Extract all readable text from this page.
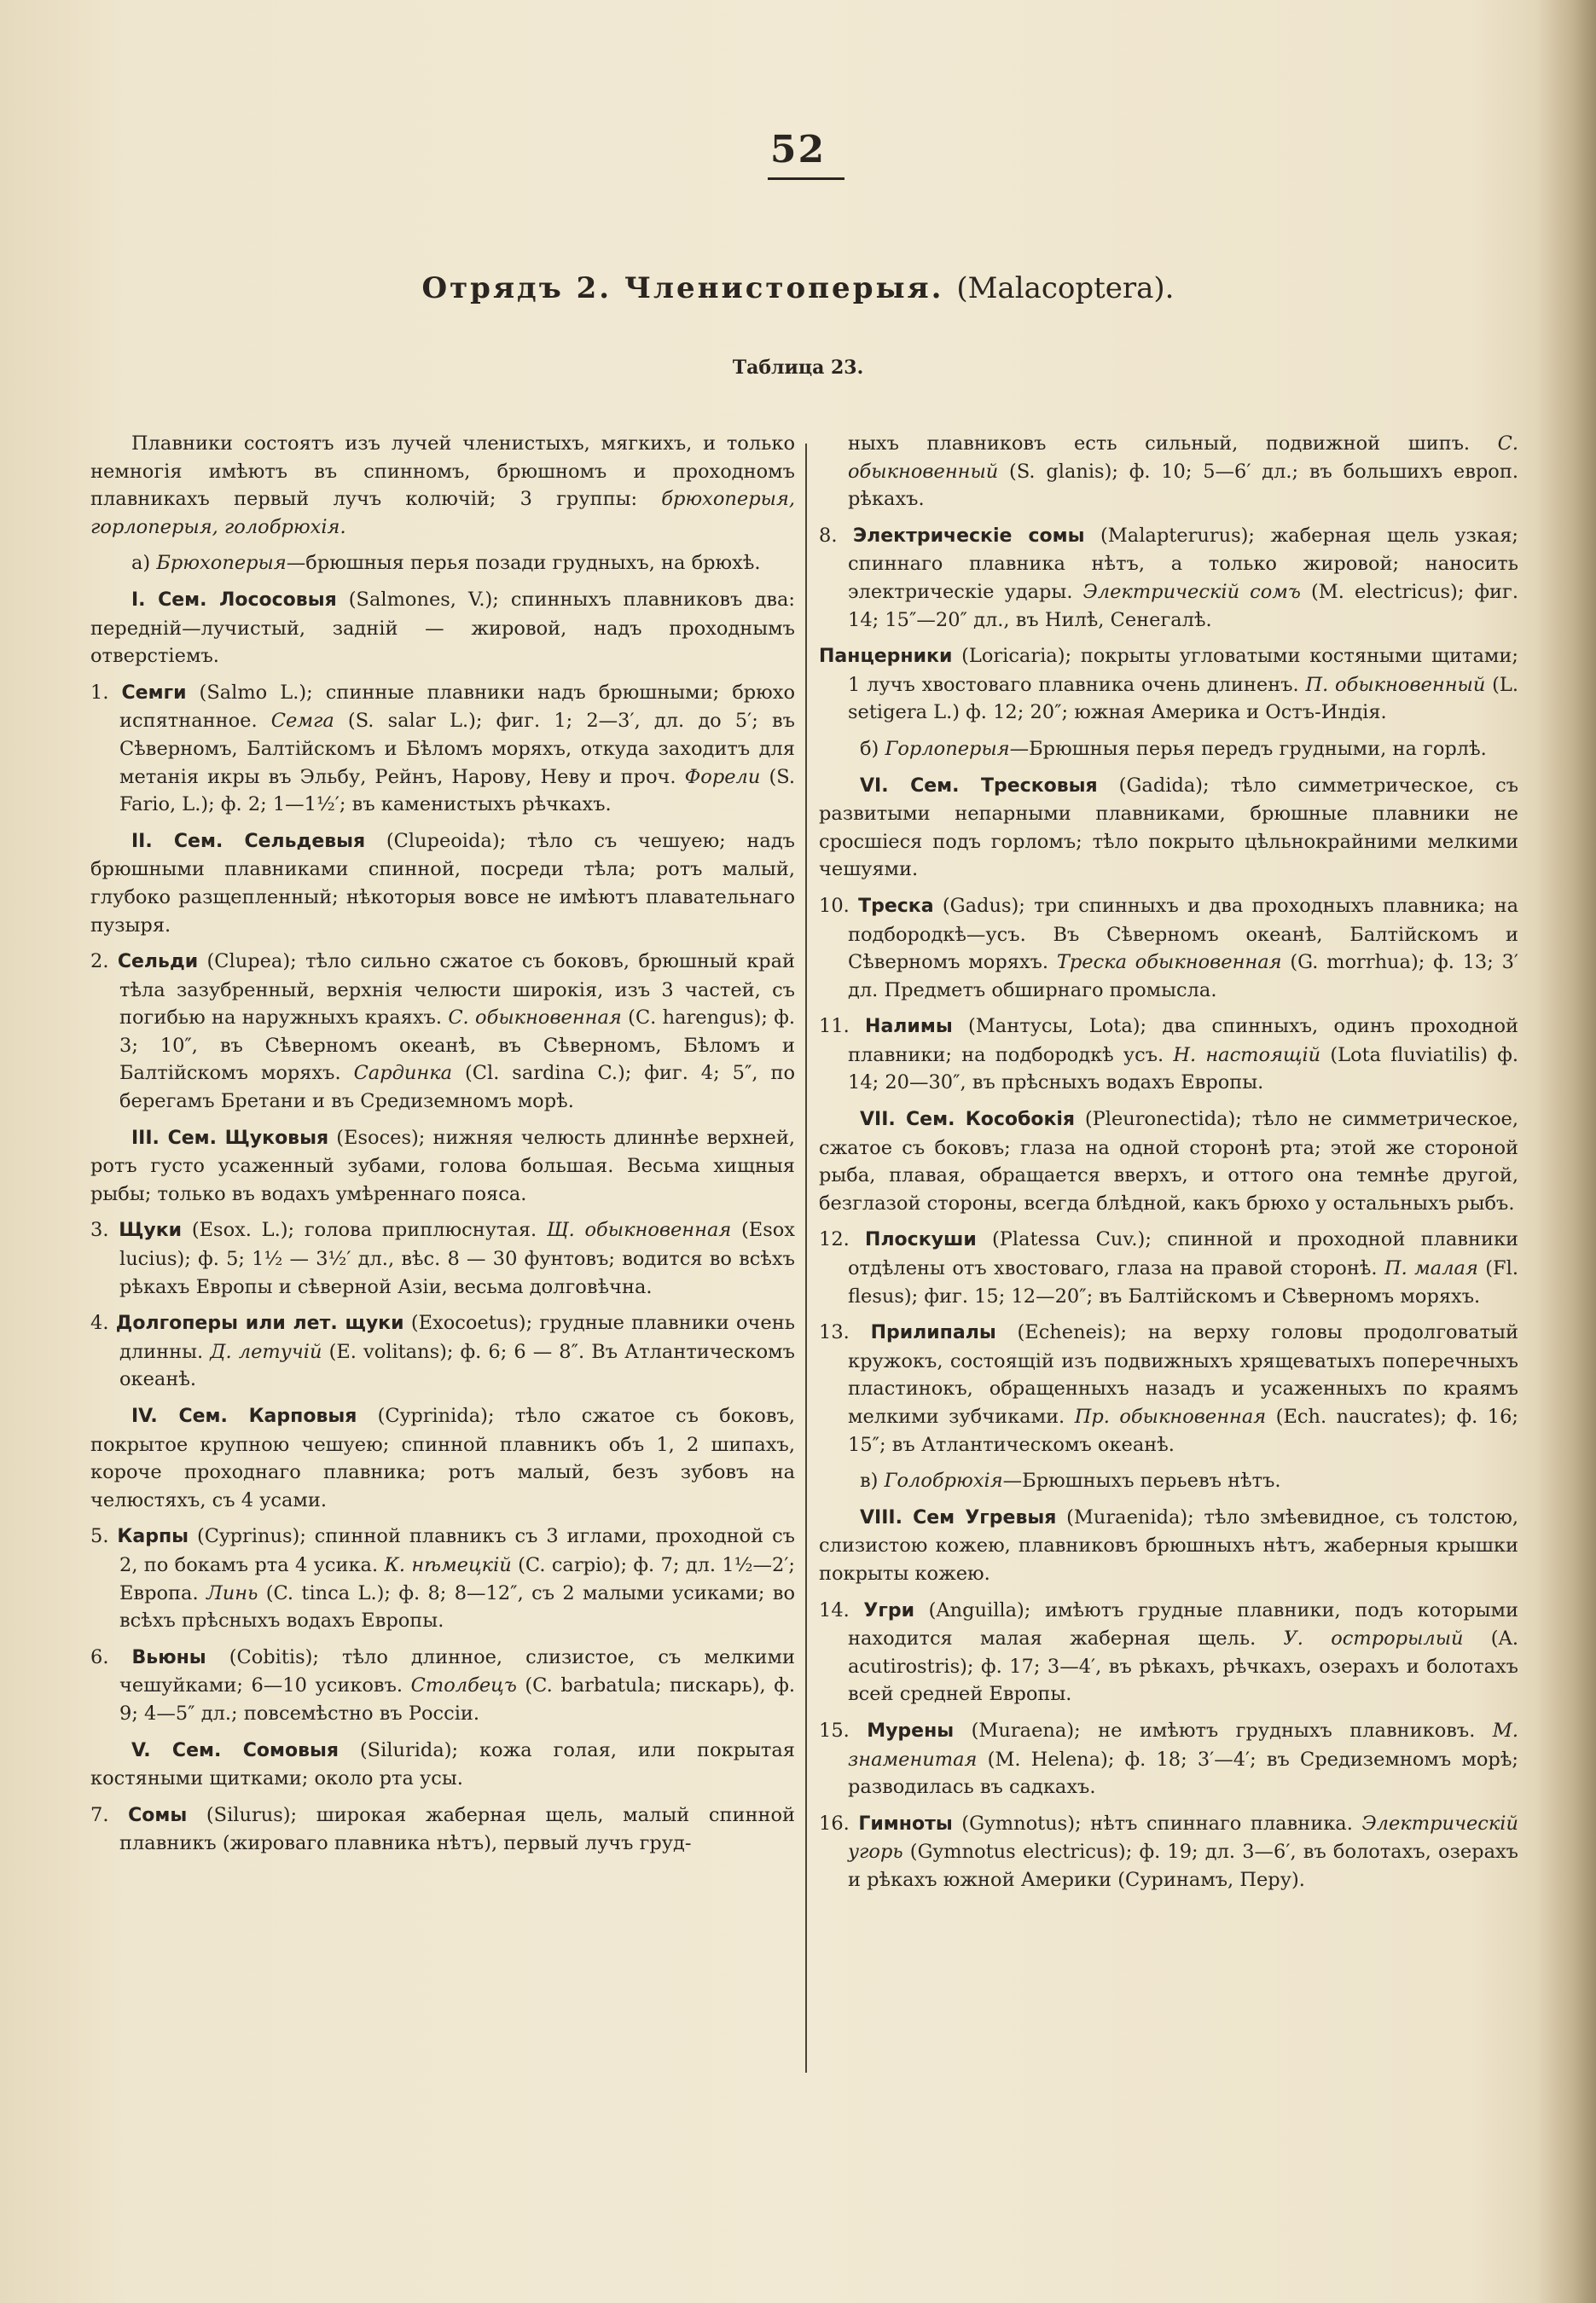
52
Отрядъ 2. Членистоперыя. (Malacoptera).
Таблица 23.

Плавники состоятъ изъ лучей членистыхъ, мягкихъ, и только немногія имѣютъ въ спинномъ, брюшномъ и проходномъ плавникахъ первый лучъ колючій; 3 группы: брюхоперыя, горлоперыя, голобрюхія.

а) Брюхоперыя—брюшныя перья позади грудныхъ, на брюхѣ.

I. Сем. Лососовыя (Salmones, V.); спинныхъ плавниковъ два: передній—лучистый, задній — жировой, надъ проходнымъ отверстіемъ.

1. Семги (Salmo L.); спинные плавники надъ брюшными; брюхо испятнанное. Семга (S. salar L.); фиг. 1; 2—3′, дл. до 5′; въ Сѣверномъ, Балтійскомъ и Бѣломъ моряхъ, откуда заходитъ для метанія икры въ Эльбу, Рейнъ, Нарову, Неву и проч. Форели (S. Fario, L.); ф. 2; 1—1½′; въ каменистыхъ рѣчкахъ.

II. Сем. Сельдевыя (Clupeoida); тѣло съ чешуею; надъ брюшными плавниками спинной, посреди тѣла; ротъ малый, глубоко разщепленный; нѣкоторыя вовсе не имѣютъ плавательнаго пузыря.

2. Сельди (Clupea); тѣло сильно сжатое съ боковъ, брюшный край тѣла зазубренный, верхнія челюсти широкія, изъ 3 частей, съ погибью на наружныхъ краяхъ. С. обыкновенная (С. harengus); ф. 3; 10″, въ Сѣверномъ океанѣ, въ Сѣверномъ, Бѣломъ и Балтійскомъ моряхъ. Сардинка (Cl. sardina C.); фиг. 4; 5″, по берегамъ Бретани и въ Средиземномъ морѣ.

III. Сем. Щуковыя (Esoces); нижняя челюсть длиннѣе верхней, ротъ густо усаженный зубами, голова большая. Весьма хищныя рыбы; только въ водахъ умѣреннаго пояса.

3. Щуки (Esox. L.); голова приплюснутая. Щ. обыкновенная (Esox lucius); ф. 5; 1½ — 3½′ дл., вѣс. 8 — 30 фунтовъ; водится во всѣхъ рѣкахъ Европы и сѣверной Азіи, весьма долговѣчна.

4. Долгоперы или лет. щуки (Exocoetus); грудные плавники очень длинны. Д. летучій (E. volitans); ф. 6; 6 — 8″. Въ Атлантическомъ океанѣ.

IV. Сем. Карповыя (Cyprinida); тѣло сжатое съ боковъ, покрытое крупною чешуею; спинной плавникъ объ 1, 2 шипахъ, короче проходнаго плавника; ротъ малый, безъ зубовъ на челюстяхъ, съ 4 усами.

5. Карпы (Cyprinus); спинной плавникъ съ 3 иглами, проходной съ 2, по бокамъ рта 4 усика. К. нѣмецкій (C. carpio); ф. 7; дл. 1½—2′; Европа. Линь (C. tinca L.); ф. 8; 8—12″, съ 2 малыми усиками; во всѣхъ прѣсныхъ водахъ Европы.

6. Вьюны (Cobitis); тѣло длинное, слизистое, съ мелкими чешуйками; 6—10 усиковъ. Столбецъ (C. barbatula; пискарь), ф. 9; 4—5″ дл.; повсемѣстно въ Россіи.

V. Сем. Сомовыя (Silurida); кожа голая, или покрытая костяными щитками; около рта усы.

7. Сомы (Silurus); широкая жаберная щель, малый спинной плавникъ (жироваго плавника нѣтъ), первый лучъ груд-

ныхъ плавниковъ есть сильный, подвижной шипъ. С. обыкновенный (S. glanis); ф. 10; 5—6′ дл.; въ большихъ европ. рѣкахъ.

8. Электрическіе сомы (Malapterurus); жаберная щель узкая; спиннаго плавника нѣтъ, а только жировой; наносить электрическіе удары. Электрическій сомъ (M. electricus); фиг. 14; 15″—20″ дл., въ Нилѣ, Сенегалѣ.

Панцерники (Loricaria); покрыты угловатыми костяными щитами; 1 лучъ хвостоваго плавника очень длиненъ. П. обыкновенный (L. setigera L.) ф. 12; 20″; южная Америка и Остъ-Индія.

б) Горлоперыя—Брюшныя перья передъ грудными, на горлѣ.

VI. Сем. Тресковыя (Gadida); тѣло симметрическое, съ развитыми непарными плавниками, брюшные плавники не сросшіеся подъ горломъ; тѣло покрыто цѣльнокрайними мелкими чешуями.

10. Треска (Gadus); три спинныхъ и два проходныхъ плавника; на подбородкѣ—усъ. Въ Сѣверномъ океанѣ, Балтійскомъ и Сѣверномъ моряхъ. Треска обыкновенная (G. morrhua); ф. 13; 3′ дл. Предметъ обширнаго промысла.

11. Налимы (Мантусы, Lota); два спинныхъ, одинъ проходной плавники; на подбородкѣ усъ. Н. настоящій (Lota fluviatilis) ф. 14; 20—30″, въ прѣсныхъ водахъ Европы.

VII. Сем. Кособокія (Pleuronectida); тѣло не симметрическое, сжатое съ боковъ; глаза на одной сторонѣ рта; этой же стороной рыба, плавая, обращается вверхъ, и оттого она темнѣе другой, безглазой стороны, всегда блѣдной, какъ брюхо у остальныхъ рыбъ.

12. Плоскуши (Platessa Cuv.); спинной и проходной плавники отдѣлены отъ хвостоваго, глаза на правой сторонѣ. П. малая (Fl. flesus); фиг. 15; 12—20″; въ Балтійскомъ и Сѣверномъ моряхъ.

13. Прилипалы (Echeneis); на верху головы продолговатый кружокъ, состоящій изъ подвижныхъ хрящеватыхъ поперечныхъ пластинокъ, обращенныхъ назадъ и усаженныхъ по краямъ мелкими зубчиками. Пр. обыкновенная (Ech. naucrates); ф. 16; 15″; въ Атлантическомъ океанѣ.

в) Голобрюхія—Брюшныхъ перьевъ нѣтъ.

VIII. Сем Угревыя (Muraenida); тѣло змѣевидное, съ толстою, слизистою кожею, плавниковъ брюшныхъ нѣтъ, жаберныя крышки покрыты кожею.

14. Угри (Anguilla); имѣютъ грудные плавники, подъ которыми находится малая жаберная щель. У. острорылый (A. acutirostris); ф. 17; 3—4′, въ рѣкахъ, рѣчкахъ, озерахъ и болотахъ всей средней Европы.

15. Мурены (Muraena); не имѣютъ грудныхъ плавниковъ. М. знаменитая (M. Helena); ф. 18; 3′—4′; въ Средиземномъ морѣ; разводилась въ садкахъ.

16. Гимноты (Gymnotus); нѣтъ спиннаго плавника. Электрическій угорь (Gymnotus electricus); ф. 19; дл. 3—6′, въ болотахъ, озерахъ и рѣкахъ южной Америки (Суринамъ, Перу).
